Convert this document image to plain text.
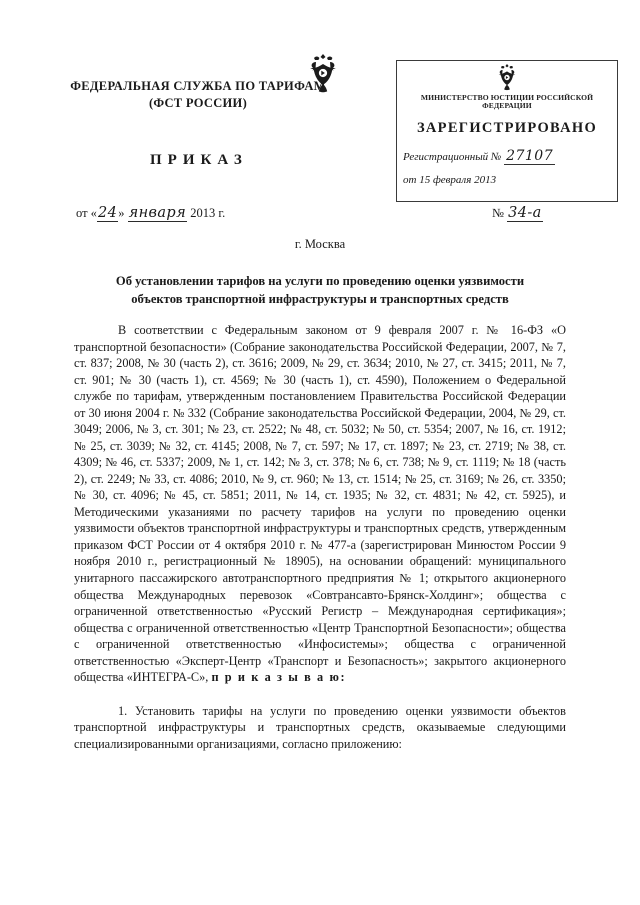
ФЕДЕРАЛЬНАЯ СЛУЖБА ПО ТАРИФАМ
(ФСТ РОССИИ)	МИНИСТЕРСТВО ЮСТИЦИИ РОССИЙСКОЙ ФЕДЕРАЦИИ
ЗАРЕГИСТРИРОВАНО
Регистрационный № 27107
от 15 февраля 2013
ПРИКАЗ
от «24» января 2013 г.	№ 34-а
г. Москва
Об установлении тарифов на услуги по проведению оценки уязвимости
объектов транспортной инфраструктуры и транспортных средств

В соответствии с Федеральным законом от 9 февраля 2007 г. № 16-ФЗ «О транспортной безопасности» (Собрание законодательства Российской Федерации, 2007, № 7, ст. 837; 2008, № 30 (часть 2), ст. 3616; 2009, № 29, ст. 3634; 2010, № 27, ст. 3415; 2011, № 7, ст. 901; № 30 (часть 1), ст. 4569; № 30 (часть 1), ст. 4590), Положением о Федеральной службе по тарифам, утвержденным постановлением Правительства Российской Федерации от 30 июня 2004 г. № 332 (Собрание законодательства Российской Федерации, 2004, № 29, ст. 3049; 2006, № 3, ст. 301; № 23, ст. 2522; № 48, ст. 5032; № 50, ст. 5354; 2007, № 16, ст. 1912; № 25, ст. 3039; № 32, ст. 4145; 2008, № 7, ст. 597; № 17, ст. 1897; № 23, ст. 2719; № 38, ст. 4309; № 46, ст. 5337; 2009, № 1, ст. 142; № 3, ст. 378; № 6, ст. 738; № 9, ст. 1119; № 18 (часть 2), ст. 2249; № 33, ст. 4086; 2010, № 9, ст. 960; № 13, ст. 1514; № 25, ст. 3169; № 26, ст. 3350; № 30, ст. 4096; № 45, ст. 5851; 2011, № 14, ст. 1935; № 32, ст. 4831; № 42, ст. 5925), и Методическими указаниями по расчету тарифов на услуги по проведению оценки уязвимости объектов транспортной инфраструктуры и транспортных средств, утвержденным приказом ФСТ России от 4 октября 2010 г. № 477-а (зарегистрирован Минюстом России 9 ноября 2010 г., регистрационный № 18905), на основании обращений: муниципального унитарного пассажирского автотранспортного предприятия № 1; открытого акционерного общества Международных перевозок «Совтрансавто-Брянск-Холдинг»; общества с ограниченной ответственностью «Русский Регистр – Международная сертификация»; общества с ограниченной ответственностью «Центр Транспортной Безопасности»; общества с ограниченной ответственностью «Инфосистемы»; общества с ограниченной ответственностью «Эксперт-Центр «Транспорт и Безопасность»; закрытого акционерного общества «ИНТЕГРА-С», п р и к а з ы в а ю:

1. Установить тарифы на услуги по проведению оценки уязвимости объектов транспортной инфраструктуры и транспортных средств, оказываемые следующими специализированными организациями, согласно приложению:
